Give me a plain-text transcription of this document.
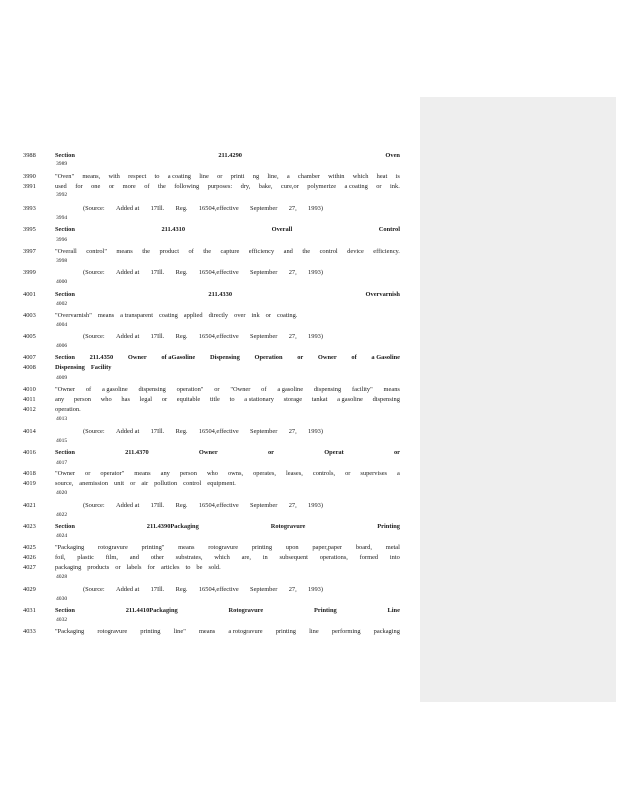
3988	Section	211.4290	Oven
3989
3990	"Oven" means, with respect to a coating line or printi ng line, a chamber within which heat is
3991	used for one or more of the following purposes: dry, bake, cure,or polymerize a coating or ink.
3992
3993	(Source: Added at 17Ill. Reg. 16504,effective September 27, 1993)
3994
3995	Section	211.4310	Overall	Control
3996
3997	"Overall control" means the product of the capture efficiency and the control device efficiency.
3998
3999	(Source: Added at 17Ill. Reg. 16504,effective September 27, 1993)
4000
4001	Section	211.4330	Overvarnish
4002
4003	"Overvarnish" means a transparent coating applied directly over ink or coating.
4004
4005	(Source: Added at 17Ill. Reg. 16504,effective September 27, 1993)
4006
4007	Section 211.4350 Owner of aGasoline Dispensing Operation or Owner of a Gasoline
4008	Dispensing Facility
4009
4010	"Owner of a gasoline dispensing operation" or "Owner of a gasoline dispensing facility" means
4011	any person who has legal or equitable title to a stationary storage tankat a gasoline dispensing
4012	operation.
4013
4014	(Source: Added at 17Ill. Reg. 16504,effective September 27, 1993)
4015
4016	Section	211.4370	Owner	or	Operat	or
4017
4018	"Owner or operator" means any person who owns, operates, leases, controls, or supervises a
4019	source, anemission unit or air pollution control equipment.
4020
4021	(Source: Added at 17Ill. Reg. 16504,effective September 27, 1993)
4022
4023	Section	211.4390Packaging	Rotogravure	Printing
4024
4025	"Packaging rotogravure printing" means rotogravure printing upon paper,paper board, metal
4026	foil, plastic film, and other substrates, which are, in subsequent operations, formed into
4027	packaging products or labels for articles to be sold.
4028
4029	(Source: Added at 17Ill. Reg. 16504,effective September 27, 1993)
4030
4031	Section	211.4410Packaging	Rotogravure	Printing	Line
4032
4033	"Packaging rotogravure printing line" means a rotogravure printing line performing packaging
